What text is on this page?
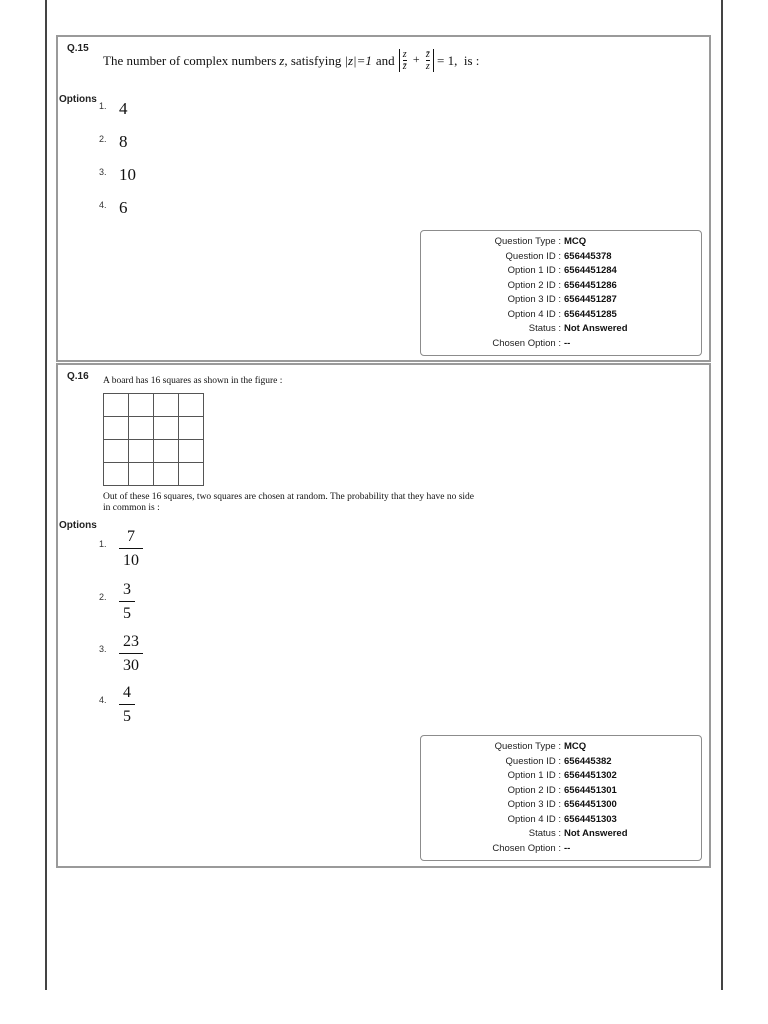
Q.15
The number of complex numbers z , satisfying |z|=1 and $\frac{z}{z̄} + \frac{z̄}{z} = 1$,  is :
Options
1. 4
2. 8
3. 10
4. 6
Question Type : MCQ
Question ID : 656445378
Option 1 ID : 6564451284
Option 2 ID : 6564451286
Option 3 ID : 6564451287
Option 4 ID : 6564451285
Status : Not Answered
Chosen Option : --
Q.16 A board has 16 squares as shown in the figure :
Out of these 16 squares, two squares are chosen at random. The probability that they have no side
in common is :
Options
1.	7
10
2. 3
5
3. 23
30
4. 4
5
Question Type : MCQ
Question ID : 656445382
Option 1 ID : 6564451302
Option 2 ID : 6564451301
Option 3 ID : 6564451300
Option 4 ID : 6564451303
Status : Not Answered
Chosen Option : --
